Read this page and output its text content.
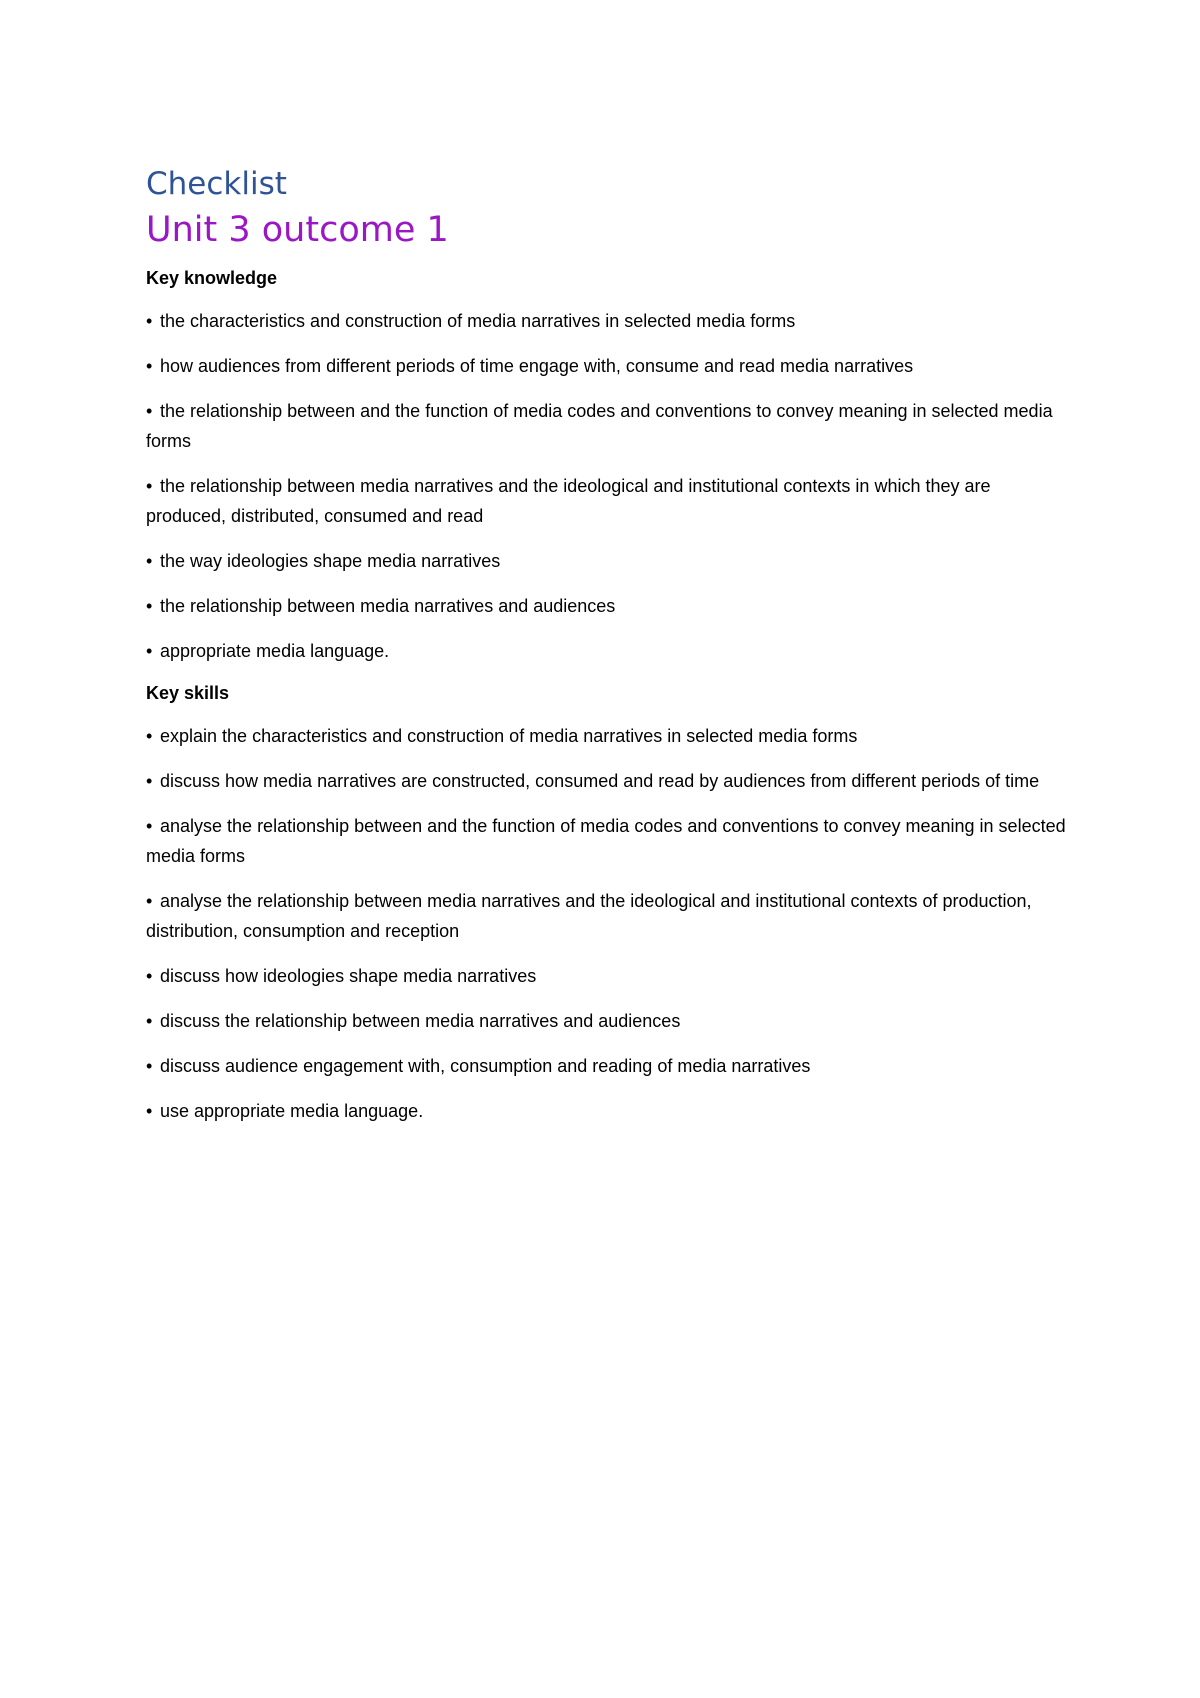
Checklist
Unit 3 outcome 1
Key knowledge

• the characteristics and construction of media narratives in selected media forms

• how audiences from different periods of time engage with, consume and read media narratives

• the relationship between and the function of media codes and conventions to convey meaning in selected media forms

• the relationship between media narratives and the ideological and institutional contexts in which they are produced, distributed, consumed and read

• the way ideologies shape media narratives

• the relationship between media narratives and audiences

• appropriate media language.

Key skills

• explain the characteristics and construction of media narratives in selected media forms

• discuss how media narratives are constructed, consumed and read by audiences from different periods of time

• analyse the relationship between and the function of media codes and conventions to convey meaning in selected media forms

• analyse the relationship between media narratives and the ideological and institutional contexts of production, distribution, consumption and reception

• discuss how ideologies shape media narratives

• discuss the relationship between media narratives and audiences

• discuss audience engagement with, consumption and reading of media narratives

• use appropriate media language.
